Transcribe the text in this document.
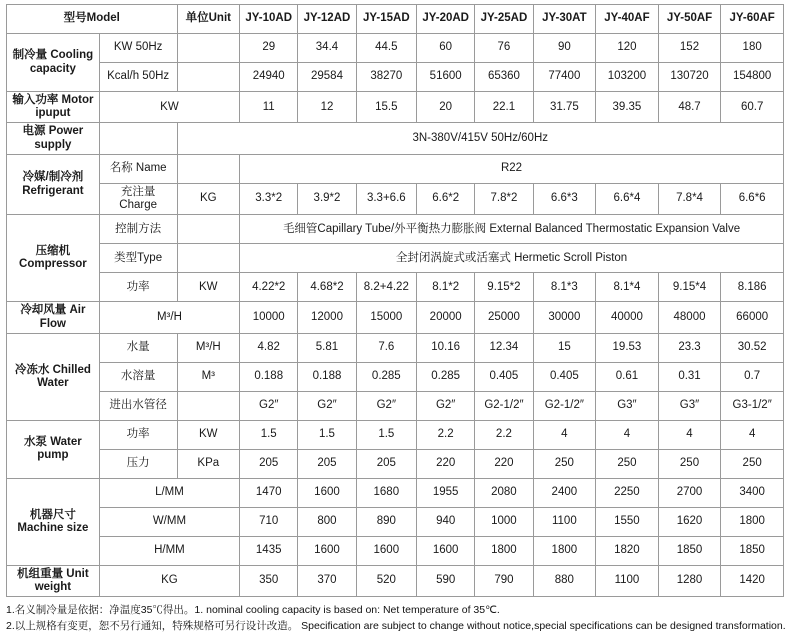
型号Model		单位Unit	JY-10AD	JY-12AD	JY-15AD	JY-20AD	JY-25AD	JY-30AT	JY-40AF	JY-50AF	JY-60AF
制冷量 Cooling capacity	KW 50Hz		29	34.4	44.5	60	76	90	120	152	180
	Kcal/h 50Hz		24940	29584	38270	51600	65360	77400	103200	130720	154800
输入功率 Motor ipuput	KW		11	12	15.5	20	22.1	31.75	39.35	48.7	60.7
电源 Power supply		3N-380V/415V 50Hz/60Hz									
冷媒/制冷剂 Refrigerant	名称 Name		R22								
	充注量 Charge	KG	3.3*2	3.9*2	3.3+6.6	6.6*2	7.8*2	6.6*3	6.6*4	7.8*4	6.6*6
压缩机 Compressor	控制方法		毛细管Capillary Tube/外平衡热力膨胀阀 External Balanced Thermostatic Expansion Valve								
	类型Type		全封闭涡旋式或活塞式 Hermetic Scroll Piston								
	功率	KW	4.22*2	4.68*2	8.2+4.22	8.1*2	9.15*2	8.1*3	8.1*4	9.15*4	8.186
冷却风量 Air Flow	M³/H		10000	12000	15000	20000	25000	30000	40000	48000	66000
冷冻水 Chilled Water	水量	M³/H	4.82	5.81	7.6	10.16	12.34	15	19.53	23.3	30.52
	水溶量	M³	0.188	0.188	0.285	0.285	0.405	0.405	0.61	0.31	0.7
	进出水管径		G2″	G2″	G2″	G2″	G2-1/2″	G2-1/2″	G3″	G3″	G3-1/2″
水泵 Water pump	功率	KW	1.5	1.5	1.5	2.2	2.2	4	4	4	4
	压力	KPa	205	205	205	220	220	250	250	250	250
机器尺寸 Machine size	L/MM		1470	1600	1680	1955	2080	2400	2250	2700	3400
	W/MM		710	800	890	940	1000	1100	1550	1620	1800
	H/MM		1435	1600	1600	1600	1800	1800	1820	1850	1850
机组重量 Unit weight	KG		350	370	520	590	790	880	1100	1280	1420
1.名义制冷量是依据：净温度35℃得出。1. nominal cooling capacity is based on: Net temperature of 35℃.
2.以上规格有变更，恕不另行通知，特殊规格可另行设计改造。 Specification are subject to change without notice,special specifications can be designed transformation.
